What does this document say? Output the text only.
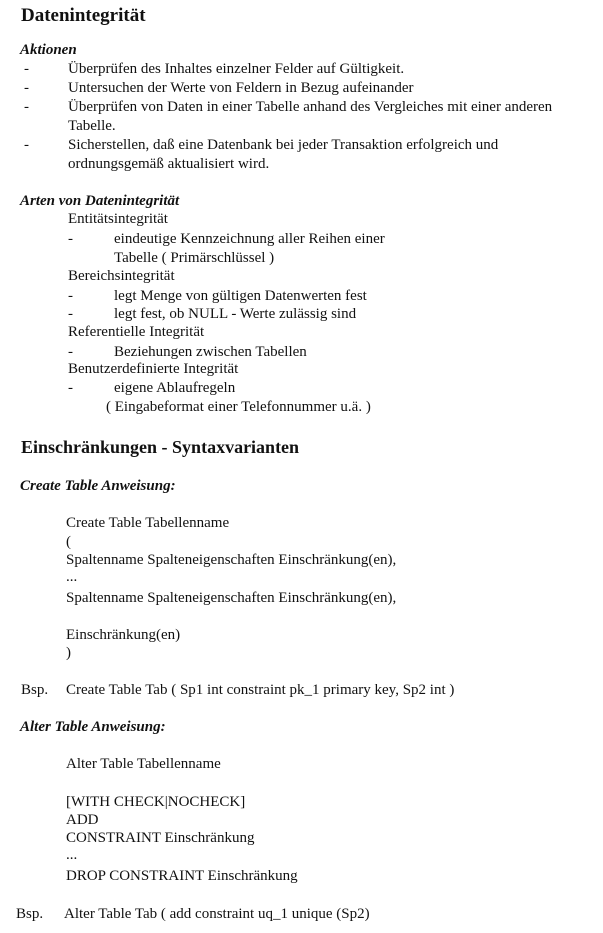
Datenintegrität
Aktionen
-	Überprüfen des Inhaltes einzelner Felder auf Gültigkeit.
-	Untersuchen der Werte von Feldern in Bezug aufeinander
-	Überprüfen von Daten in einer Tabelle anhand des Vergleiches mit einer anderen
Tabelle.
-	Sicherstellen, daß eine Datenbank bei jeder Transaktion erfolgreich und
ordnungsgemäß aktualisiert wird.
Arten von Datenintegrität
Entitätsintegrität
-	eindeutige Kennzeichnung aller Reihen einer
Tabelle ( Primärschlüssel )
Bereichsintegrität
-	legt Menge von gültigen Datenwerten fest
-	legt fest, ob NULL - Werte zulässig sind
Referentielle Integrität
-	Beziehungen zwischen Tabellen
Benutzerdefinierte Integrität
-	eigene Ablaufregeln
( Eingabeformat einer Telefonnummer u.ä. )
Einschränkungen - Syntaxvarianten
Create Table Anweisung:
Create Table Tabellenname
(
Spaltenname Spalteneigenschaften Einschränkung(en),
...
Spaltenname Spalteneigenschaften Einschränkung(en),
Einschränkung(en)
)
Bsp. Create Table Tab ( Sp1 int constraint pk_1 primary key, Sp2 int )
Alter Table Anweisung:
Alter Table Tabellenname
[WITH CHECK|NOCHECK]
ADD
CONSTRAINT Einschränkung
...
DROP CONSTRAINT Einschränkung
Bsp. Alter Table Tab ( add constraint uq_1 unique (Sp2)
